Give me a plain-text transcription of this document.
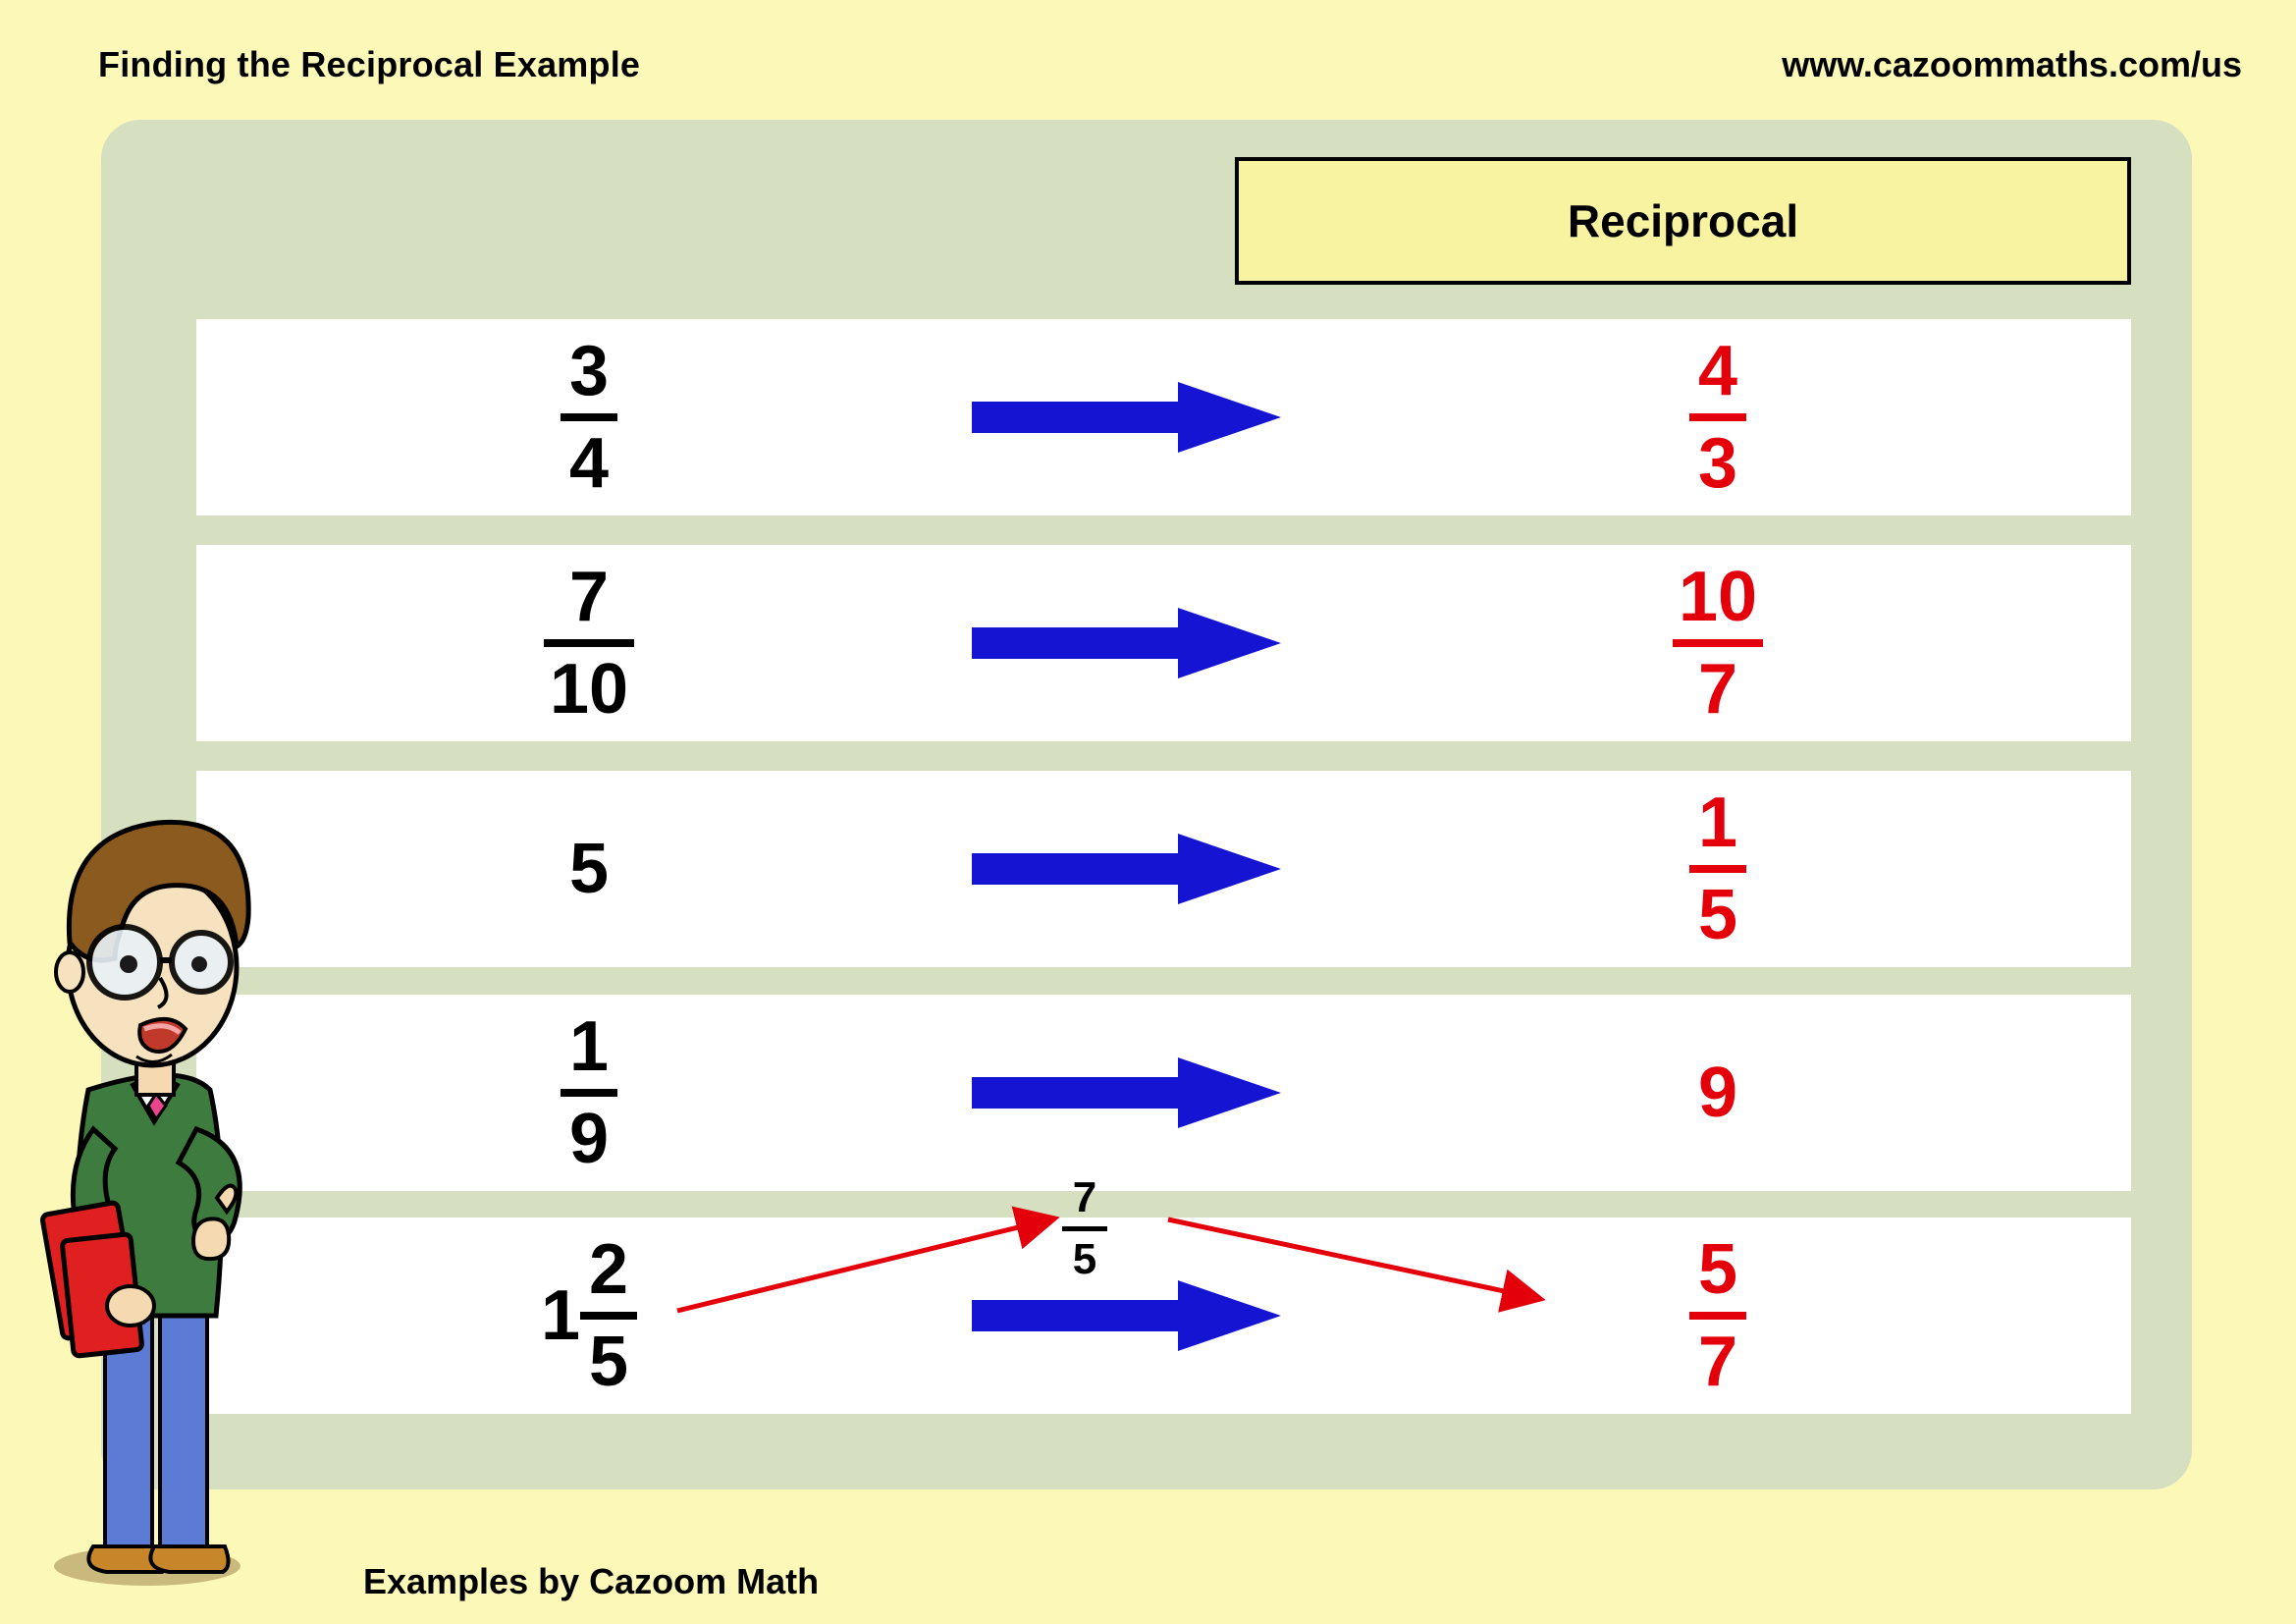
Finding the Reciprocal Example	www.cazoommaths.com/us
Reciprocal
3
4
4
3
7
10
10
7
5
1
5
1
9
9
1
2
5
5
7
7
5
Examples by Cazoom Math
